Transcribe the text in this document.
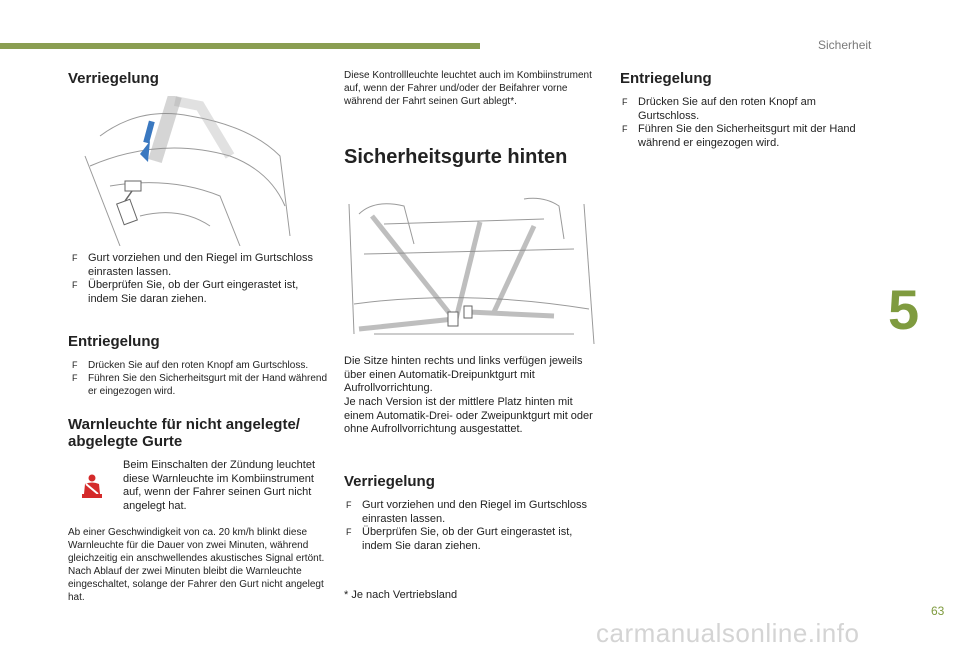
Sicherheit
5
63
carmanualsonline.info
Verriegelung
F Gurt vorziehen und den Riegel im Gurtschloss einrasten lassen.
F Überprüfen Sie, ob der Gurt eingerastet ist, indem Sie daran ziehen.
Entriegelung
F Drücken Sie auf den roten Knopf am Gurtschloss.
F Führen Sie den Sicherheitsgurt mit der Hand während er eingezogen wird.
Warnleuchte für nicht angelegte/ abgelegte Gurte
Beim Einschalten der Zündung leuchtet diese Warnleuchte im Kombiinstrument auf, wenn der Fahrer seinen Gurt nicht angelegt hat.
Ab einer Geschwindigkeit von ca. 20 km/h blinkt diese Warnleuchte für die Dauer von zwei Minuten, während gleichzeitig ein anschwellendes akustisches Signal ertönt. Nach Ablauf der zwei Minuten bleibt die Warnleuchte eingeschaltet, solange der Fahrer den Gurt nicht angelegt hat.
Diese Kontrollleuchte leuchtet auch im Kombiinstrument auf, wenn der Fahrer und/oder der Beifahrer vorne während der Fahrt seinen Gurt ablegt*.
Sicherheitsgurte hinten
Die Sitze hinten rechts und links verfügen jeweils über einen Automatik-Dreipunktgurt mit Aufrollvorrichtung.
Je nach Version ist der mittlere Platz hinten mit einem Automatik-Drei- oder Zweipunktgurt mit oder ohne Aufrollvorrichtung ausgestattet.
Verriegelung
F Gurt vorziehen und den Riegel im Gurtschloss einrasten lassen.
F Überprüfen Sie, ob der Gurt eingerastet ist, indem Sie daran ziehen.
* Je nach Vertriebsland
Entriegelung
F Drücken Sie auf den roten Knopf am Gurtschloss.
F Führen Sie den Sicherheitsgurt mit der Hand während er eingezogen wird.
